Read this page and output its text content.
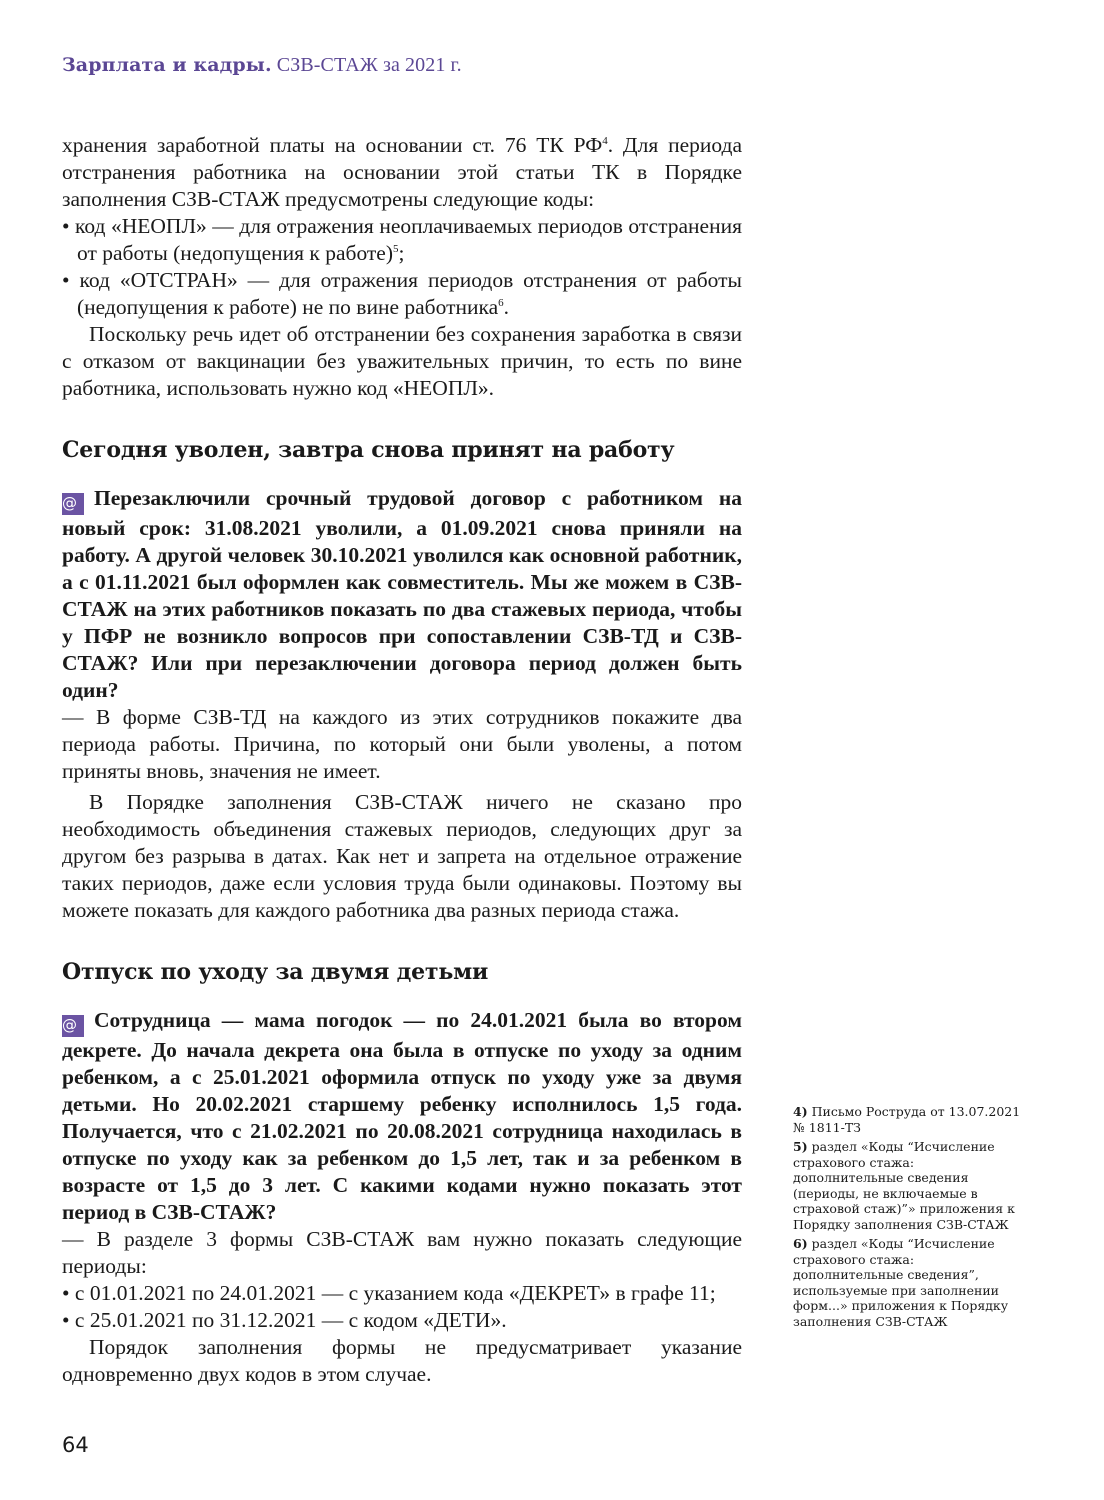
Зарплата и кадры. СЗВ-СТАЖ за 2021 г.

хранения заработной платы на основании ст. 76 ТК $РФ^4$. Для периода отстранения работника на основании этой статьи ТК в Порядке заполнения СЗВ-СТАЖ предусмотрены следующие коды:

• код «НЕОПЛ» — для отражения неоплачиваемых периодов отстранения от работы (недопущения к работе)$^5$;

• код «ОТСТРАН» — для отражения периодов отстранения от работы (недопущения к работе) не по вине работника$^6$.

Поскольку речь идет об отстранении без сохранения заработка в связи с отказом от вакцинации без уважительных причин, то есть по вине работника, использовать нужно код «НЕОПЛ».

Сегодня уволен, завтра снова принят на работу

@ Перезаключили срочный трудовой договор с работником на новый срок: 31.08.2021 уволили, а 01.09.2021 снова приняли на работу. А другой человек 30.10.2021 уволился как основной работник, а с 01.11.2021 был оформлен как совместитель. Мы же можем в СЗВ-СТАЖ на этих работников показать по два стажевых периода, чтобы у ПФР не возникло вопросов при сопоставлении СЗВ-ТД и СЗВ-СТАЖ? Или при перезаключении договора период должен быть один?

— В форме СЗВ-ТД на каждого из этих сотрудников покажите два периода работы. Причина, по который они были уволены, а потом приняты вновь, значения не имеет.

В Порядке заполнения СЗВ-СТАЖ ничего не сказано про необходимость объединения стажевых периодов, следующих друг за другом без разрыва в датах. Как нет и запрета на отдельное отражение таких периодов, даже если условия труда были одинаковы. Поэтому вы можете показать для каждого работника два разных периода стажа.

Отпуск по уходу за двумя детьми

@ Сотрудница — мама погодок — по 24.01.2021 была во втором декрете. До начала декрета она была в отпуске по уходу за одним ребенком, а с 25.01.2021 оформила отпуск по уходу уже за двумя детьми. Но 20.02.2021 старшему ребенку исполнилось 1,5 года. Получается, что с 21.02.2021 по 20.08.2021 сотрудница находилась в отпуске по уходу как за ребенком до 1,5 лет, так и за ребенком в возрасте от 1,5 до 3 лет. С какими кодами нужно показать этот период в СЗВ-СТАЖ?

— В разделе 3 формы СЗВ-СТАЖ вам нужно показать следующие периоды:

• с 01.01.2021 по 24.01.2021 — с указанием кода «ДЕКРЕТ» в графе 11;

• с 25.01.2021 по 31.12.2021 — с кодом «ДЕТИ».

Порядок заполнения формы не предусматривает указание одновременно двух кодов в этом случае.

4) Письмо Роструда от 13.07.2021 № 1811-ТЗ

5) раздел «Коды “Исчисление страхового стажа: дополнительные сведения (периоды, не включаемые в страховой стаж)”» приложения к Порядку заполнения СЗВ-СТАЖ

6) раздел «Коды “Исчисление страхового стажа: дополнительные сведения”, используемые при заполнении форм...» приложения к Порядку заполнения СЗВ-СТАЖ

64
